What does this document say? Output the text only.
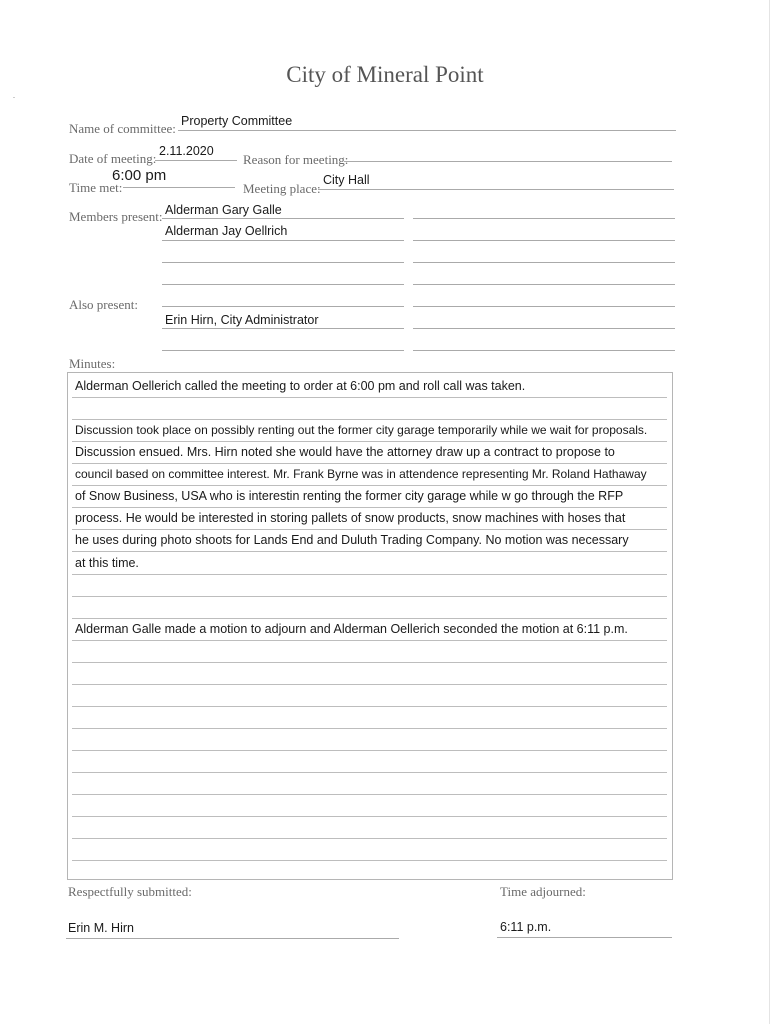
City of Mineral Point
Name of committee: Property Committee
Date of meeting: 2.11.2020
Reason for meeting:
Time met:
6:00 pm
Meeting place:
City Hall
Members present: Alderman Gary Galle
Alderman Jay Oellrich
Also present:
Erin Hirn, City Administrator
Minutes:
Alderman Oellerich called the meeting to order at 6:00 pm and roll call was taken.
Discussion took place on possibly renting out the former city garage temporarily while we wait for proposals.
Discussion ensued. Mrs. Hirn noted she would have the attorney draw up a contract to propose to
council based on committee interest. Mr. Frank Byrne was in attendence representing Mr. Roland Hathaway
of Snow Business, USA who is interestin renting the former city garage while w go through the RFP
process. He would be interested in storing pallets of snow products, snow machines with hoses that
he uses during photo shoots for Lands End and Duluth Trading Company. No motion was necessary
at this time.
Alderman Galle made a motion to adjourn and Alderman Oellerich seconded the motion at 6:11 p.m.
Respectfully submitted:
Erin M. Hirn
Time adjourned:
6:11 p.m.
